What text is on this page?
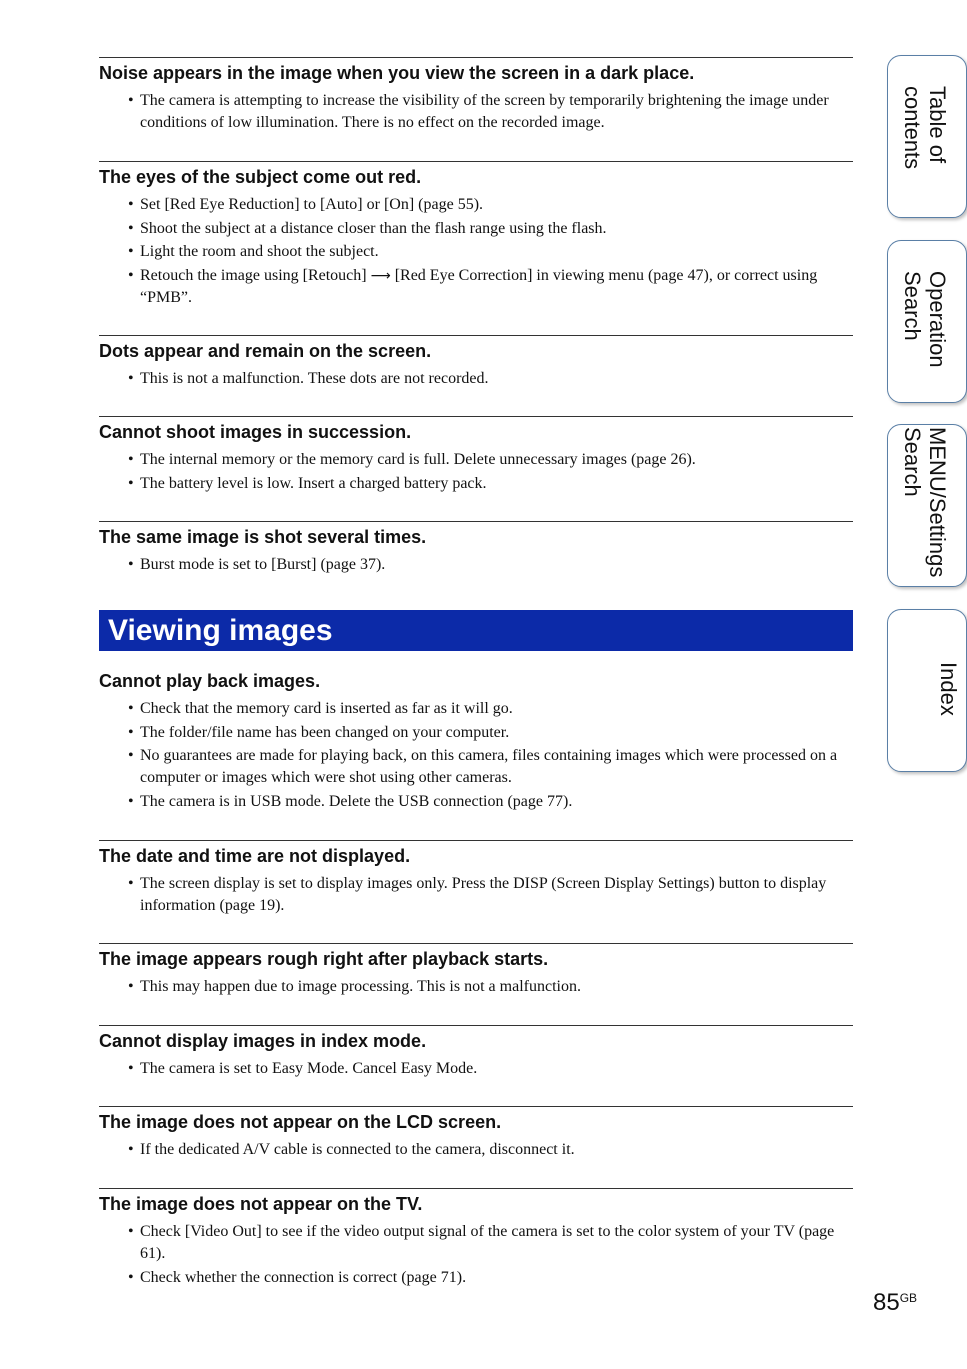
Noise appears in the image when you view the screen in a dark place.
• The camera is attempting to increase the visibility of the screen by temporarily brightening the image under conditions of low illumination. There is no effect on the recorded image.
The eyes of the subject come out red.
• Set [Red Eye Reduction] to [Auto] or [On] (page 55).
• Shoot the subject at a distance closer than the flash range using the flash.
• Light the room and shoot the subject.
• Retouch the image using [Retouch] ⟶ [Red Eye Correction] in viewing menu (page 47), or correct using “PMB”.
Dots appear and remain on the screen.
• This is not a malfunction. These dots are not recorded.
Cannot shoot images in succession.
• The internal memory or the memory card is full. Delete unnecessary images (page 26).
• The battery level is low. Insert a charged battery pack.
The same image is shot several times.
• Burst mode is set to [Burst] (page 37).
Viewing images
Cannot play back images.
• Check that the memory card is inserted as far as it will go.
• The folder/file name has been changed on your computer.
• No guarantees are made for playing back, on this camera, files containing images which were processed on a computer or images which were shot using other cameras.
• The camera is in USB mode. Delete the USB connection (page 77).
The date and time are not displayed.
• The screen display is set to display images only. Press the DISP (Screen Display Settings) button to display information (page 19).
The image appears rough right after playback starts.
• This may happen due to image processing. This is not a malfunction.
Cannot display images in index mode.
• The camera is set to Easy Mode. Cancel Easy Mode.
The image does not appear on the LCD screen.
• If the dedicated A/V cable is connected to the camera, disconnect it.
The image does not appear on the TV.
• Check [Video Out] to see if the video output signal of the camera is set to the color system of your TV (page 61).
• Check whether the connection is correct (page 71).
Table of
contents
Operation
Search
MENU/Settings
Search
Index
$85^{GB}$
